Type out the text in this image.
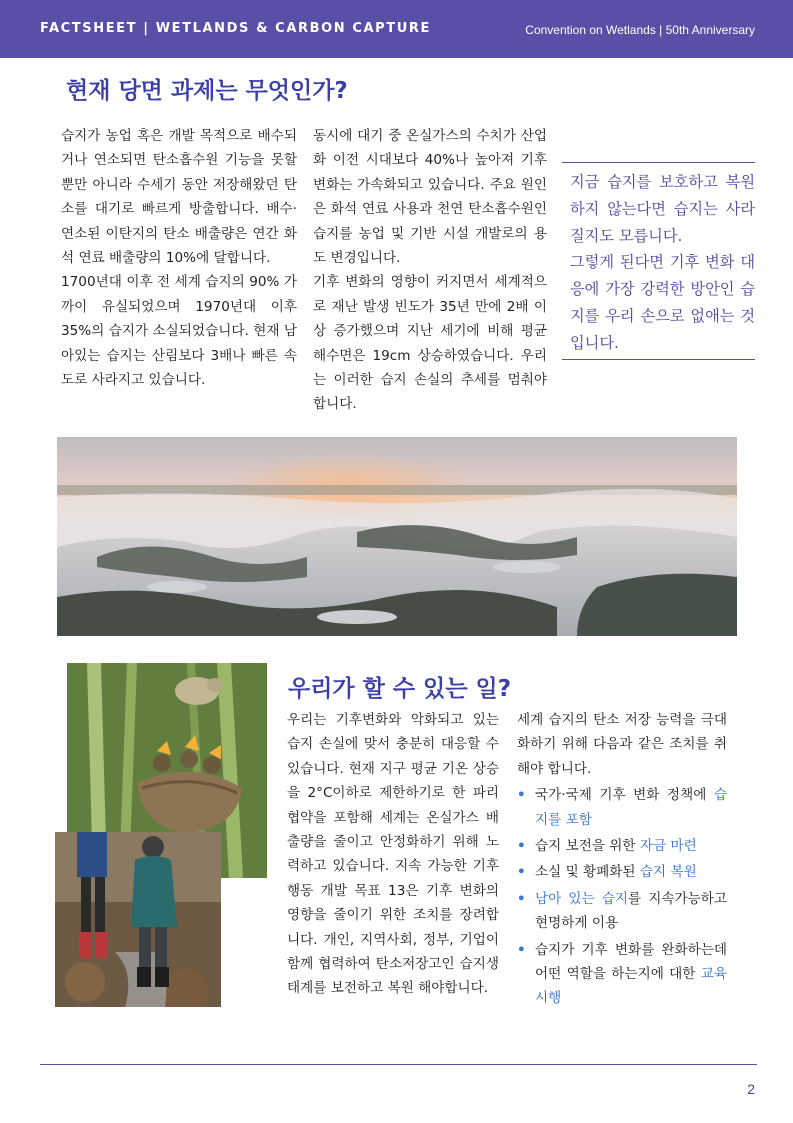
FACTSHEET | WETLANDS & CARBON CAPTURE	Convention on Wetlands | 50th Anniversary
현재 당면 과제는 무엇인가?

습지가 농업 혹은 개발 목적으로 배수되거나 연소되면 탄소흡수원 기능을 못할 뿐만 아니라 수세기 동안 저장해왔던 탄소를 대기로 빠르게 방출합니다. 배수·연소된 이탄지의 탄소 배출량은 연간 화석 연료 배출량의 10%에 달합니다.

1700년대 이후 전 세계 습지의 90% 가까이 유실되었으며 1970년대 이후 35%의 습지가 소실되었습니다. 현재 남아있는 습지는 산림보다 3배나 빠른 속도로 사라지고 있습니다.

동시에 대기 중 온실가스의 수치가 산업화 이전 시대보다 40%나 높아져 기후변화는 가속화되고 있습니다. 주요 원인은 화석 연료 사용과 천연 탄소흡수원인 습지를 농업 및 기반 시설 개발로의 용도 변경입니다.

기후 변화의 영향이 커지면서 세계적으로 재난 발생 빈도가 35년 만에 2배 이상 증가했으며 지난 세기에 비해 평균 해수면은 19cm 상승하였습니다. 우리는 이러한 습지 손실의 추세를 멈춰야 합니다.

지금 습지를 보호하고 복원하지 않는다면 습지는 사라질지도 모릅니다.

그렇게 된다면 기후 변화 대응에 가장 강력한 방안인 습지를 우리 손으로 없애는 것입니다.

우리가 할 수 있는 일?

우리는 기후변화와 악화되고 있는 습지 손실에 맞서 충분히 대응할 수 있습니다. 현재 지구 평균 기온 상승을 2°C이하로 제한하기로 한 파리협약을 포함해 세계는 온실가스 배출량을 줄이고 안정화하기 위해 노력하고 있습니다. 지속 가능한 기후 행동 개발 목표 13은 기후 변화의 영향을 줄이기 위한 조치를 장려합니다. 개인, 지역사회, 정부, 기업이 함께 협력하여 탄소저장고인 습지생태계를 보전하고 복원 해야합니다.

세계 습지의 탄소 저장 능력을 극대화하기 위해 다음과 같은 조치를 취해야 합니다.

• 국가·국제 기후 변화 정책에 습지를 포함
• 습지 보전을 위한 자금 마련
• 소실 및 황폐화된 습지 복원
• 남아 있는 습지를 지속가능하고 현명하게 이용
• 습지가 기후 변화를 완화하는데 어떤 역할을 하는지에 대한 교육 시행
2
